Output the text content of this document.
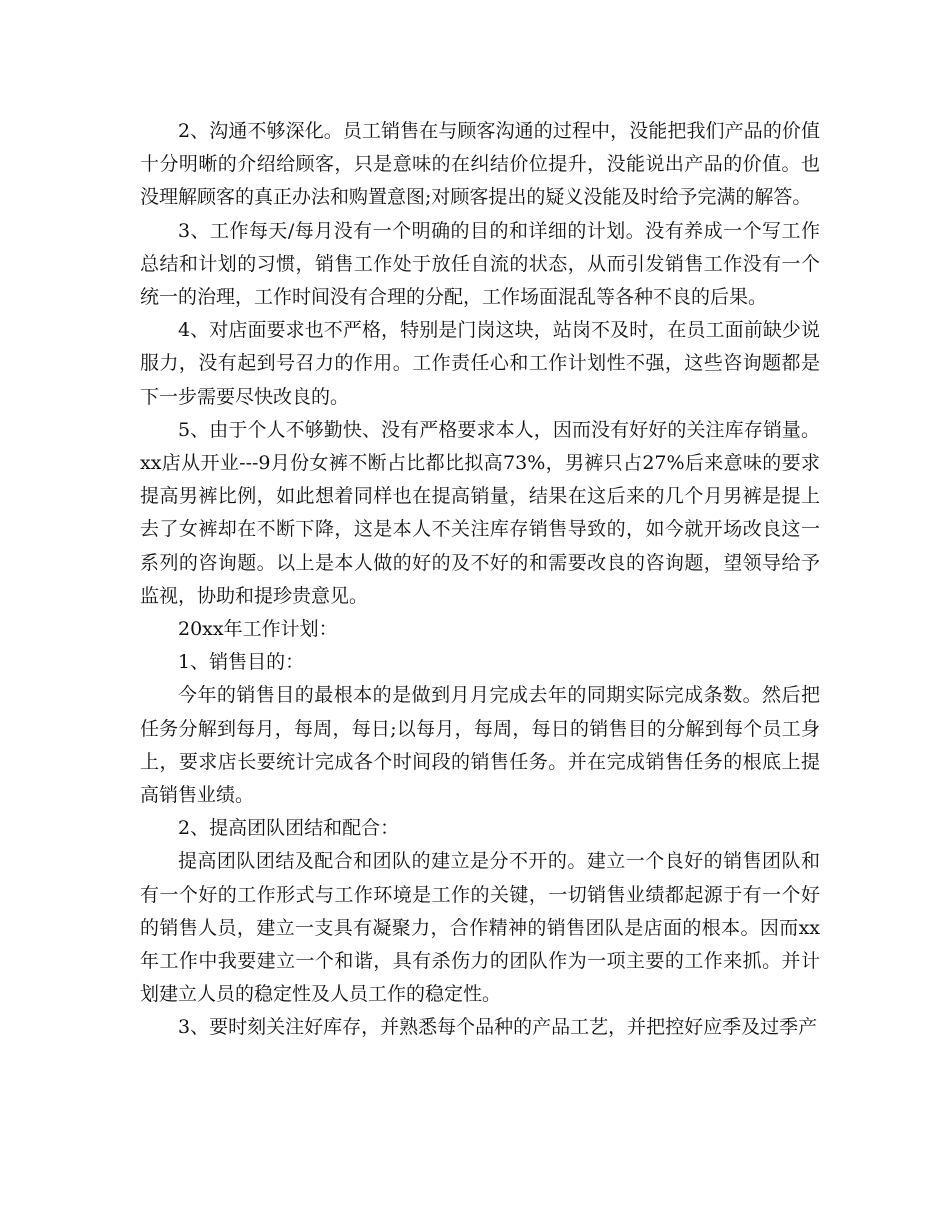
2、沟通不够深化。员工销售在与顾客沟通的过程中，没能把我们产品的价值十分明晰的介绍给顾客，只是意味的在纠结价位提升，没能说出产品的价值。也没理解顾客的真正办法和购置意图;对顾客提出的疑义没能及时给予完满的解答。

3、工作每天/每月没有一个明确的目的和详细的计划。没有养成一个写工作总结和计划的习惯，销售工作处于放任自流的状态，从而引发销售工作没有一个统一的治理，工作时间没有合理的分配，工作场面混乱等各种不良的后果。

4、对店面要求也不严格，特别是门岗这块，站岗不及时，在员工面前缺少说服力，没有起到号召力的作用。工作责任心和工作计划性不强，这些咨询题都是下一步需要尽快改良的。

5、由于个人不够勤快、没有严格要求本人，因而没有好好的关注库存销量。xx店从开业---9月份女裤不断占比都比拟高73%，男裤只占27%后来意味的要求提高男裤比例，如此想着同样也在提高销量，结果在这后来的几个月男裤是提上去了女裤却在不断下降，这是本人不关注库存销售导致的，如今就开场改良这一系列的咨询题。以上是本人做的好的及不好的和需要改良的咨询题，望领导给予监视，协助和提珍贵意见。

20xx年工作计划：

1、销售目的：

今年的销售目的最根本的是做到月月完成去年的同期实际完成条数。然后把任务分解到每月，每周，每日;以每月，每周，每日的销售目的分解到每个员工身上，要求店长要统计完成各个时间段的销售任务。并在完成销售任务的根底上提高销售业绩。

2、提高团队团结和配合：

提高团队团结及配合和团队的建立是分不开的。建立一个良好的销售团队和有一个好的工作形式与工作环境是工作的关键，一切销售业绩都起源于有一个好的销售人员，建立一支具有凝聚力，合作精神的销售团队是店面的根本。因而xx年工作中我要建立一个和谐，具有杀伤力的团队作为一项主要的工作来抓。并计划建立人员的稳定性及人员工作的稳定性。

3、要时刻关注好库存，并熟悉每个品种的产品工艺，并把控好应季及过季产
